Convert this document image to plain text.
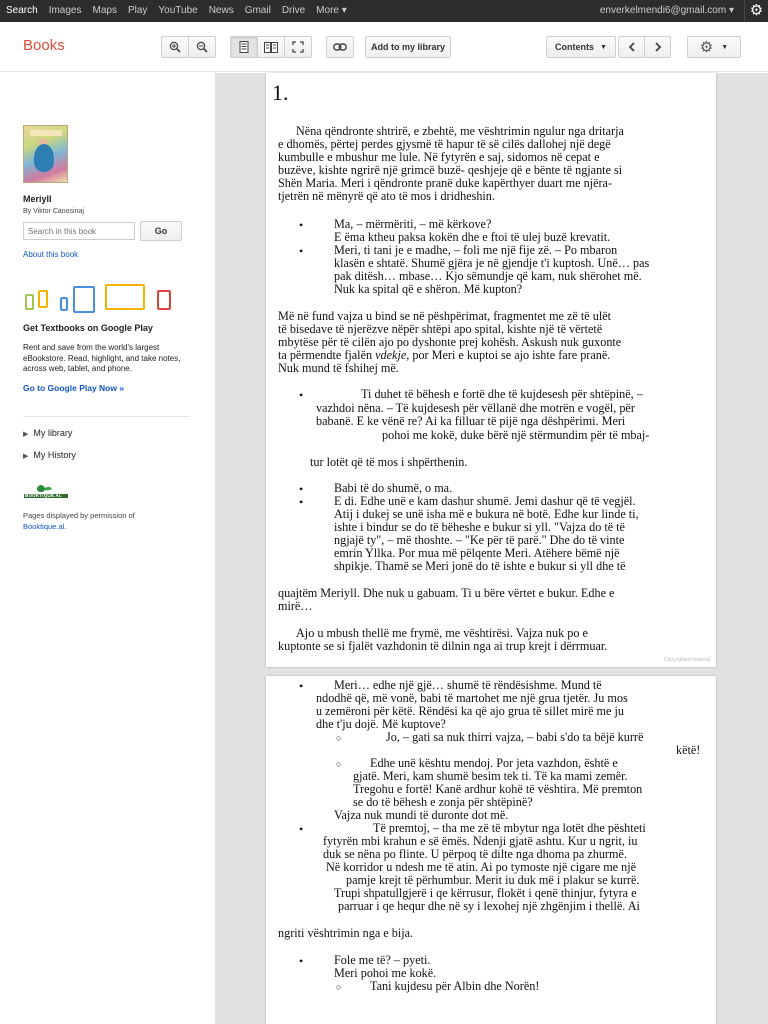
Search Images Maps Play YouTube News Gmail Drive More ▾	enverkelmendi6@gmail.com ▾	⚙
Books	Add to my library	Contents ▼	⚙ ▼
Meriyll
By Viktor Canosinaj
Search in this book
Go
About this book
Get Textbooks on Google Play
Rent and save from the world's largest eBookstore. Read, highlight, and take notes, across web, tablet, and phone.
Go to Google Play Now »
▶ My library
▶ My History
BOOKTIQUE.AL
Pages displayed by permission of
Booktique.al.
1.
Nëna qëndronte shtrirë, e zbehtë, me vështrimin ngulur nga dritarja
e dhomës, përtej perdes gjysmë të hapur të së cilës dallohej një degë
kumbulle e mbushur me lule. Në fytyrën e saj, sidomos në cepat e
buzëve, kishte ngrirë një grimcë buzë- qeshjeje që e bënte të ngjante si
Shën Maria. Meri i qëndronte pranë duke kapërthyer duart me njëra-
tjetrën në mënyrë që ato të mos i dridheshin.
•	Ma, – mërmëriti, – më kërkove?
E ëma ktheu paksa kokën dhe e ftoi të ulej buzë krevatit.
•	Meri, ti tani je e madhe, – foli me një fije zë. – Po mbaron
klasën e shtatë. Shumë gjëra je në gjendje t'i kuptosh. Unë… pas
pak ditësh… mbase… Kjo sëmundje që kam, nuk shërohet më.
Nuk ka spital që e shëron. Më kupton?
Më në fund vajza u bind se në pëshpërimat, fragmentet me zë të ulët
të bisedave të njerëzve nëpër shtëpi apo spital, kishte një të vërtetë
mbytëse për të cilën ajo po dyshonte prej kohësh. Askush nuk guxonte
ta përmendte fjalën vdekje, por Meri e kuptoi se ajo ishte fare pranë.
Nuk mund të fshihej më.
•	Ti duhet të bëhesh e fortë dhe të kujdesesh për shtëpinë, –
vazhdoi nëna. – Të kujdesesh për vëllanë dhe motrën e vogël, për
babanë. E ke vënë re? Ai ka filluar të pijë nga dëshpërimi. Meri
pohoi me kokë, duke bërë një stërmundim për të mbaj-
tur lotët që të mos i shpërthenin.
•	Babi të do shumë, o ma.
•	E di. Edhe unë e kam dashur shumë. Jemi dashur që të vegjël.
Atij i dukej se unë isha më e bukura në botë. Edhe kur linde ti,
ishte i bindur se do të bëheshe e bukur si yll. "Vajza do të të
ngjajë ty", – më thoshte. – "Ke për të parë." Dhe do të vinte
emrin Yllka. Por mua më pëlqente Meri. Atëhere bëmë një
shpikje. Thamë se Meri jonë do të ishte e bukur si yll dhe të
quajtëm Meriyll. Dhe nuk u gabuam. Ti u bëre vërtet e bukur. Edhe e
mirë…
Ajo u mbush thellë me frymë, me vështirësi. Vajza nuk po e
kuptonte se si fjalët vazhdonin të dilnin nga ai trup krejt i dërrmuar.
Copyrighted material
•	Meri… edhe një gjë… shumë të rëndësishme. Mund të
ndodhë që, më vonë, babi të martohet me një grua tjetër. Ju mos
u zemëroni për këtë. Rëndësi ka që ajo grua të sillet mirë me ju
dhe t'ju dojë. Më kuptove?
○	Jo, – gati sa nuk thirri vajza, – babi s'do ta bëjë kurrë
këtë!
○ Edhe unë kështu mendoj. Por jeta vazhdon, është e
gjatë. Meri, kam shumë besim tek ti. Të ka mami zemër.
Tregohu e fortë! Kanë ardhur kohë të vështira. Më premton
se do të bëhesh e zonja për shtëpinë?
Vajza nuk mundi të duronte dot më.
•	Të premtoj, – tha me zë të mbytur nga lotët dhe pështeti
fytyrën mbi krahun e së ëmës. Ndenji gjatë ashtu. Kur u ngrit, iu
duk se nëna po flinte. U përpoq të dilte nga dhoma pa zhurmë.
Në korridor u ndesh me të atin. Ai po tymoste një cigare me një
pamje krejt të përhumbur. Merit iu duk më i plakur se kurrë.
Trupi shpatullgjerë i qe kërrusur, flokët i qenë thinjur, fytyra e
parruar i qe hequr dhe në sy i lexohej një zhgënjim i thellë. Ai
ngriti vështrimin nga e bija.
•	Fole me të? – pyeti.
Meri pohoi me kokë.
○ Tani kujdesu për Albin dhe Norën!
